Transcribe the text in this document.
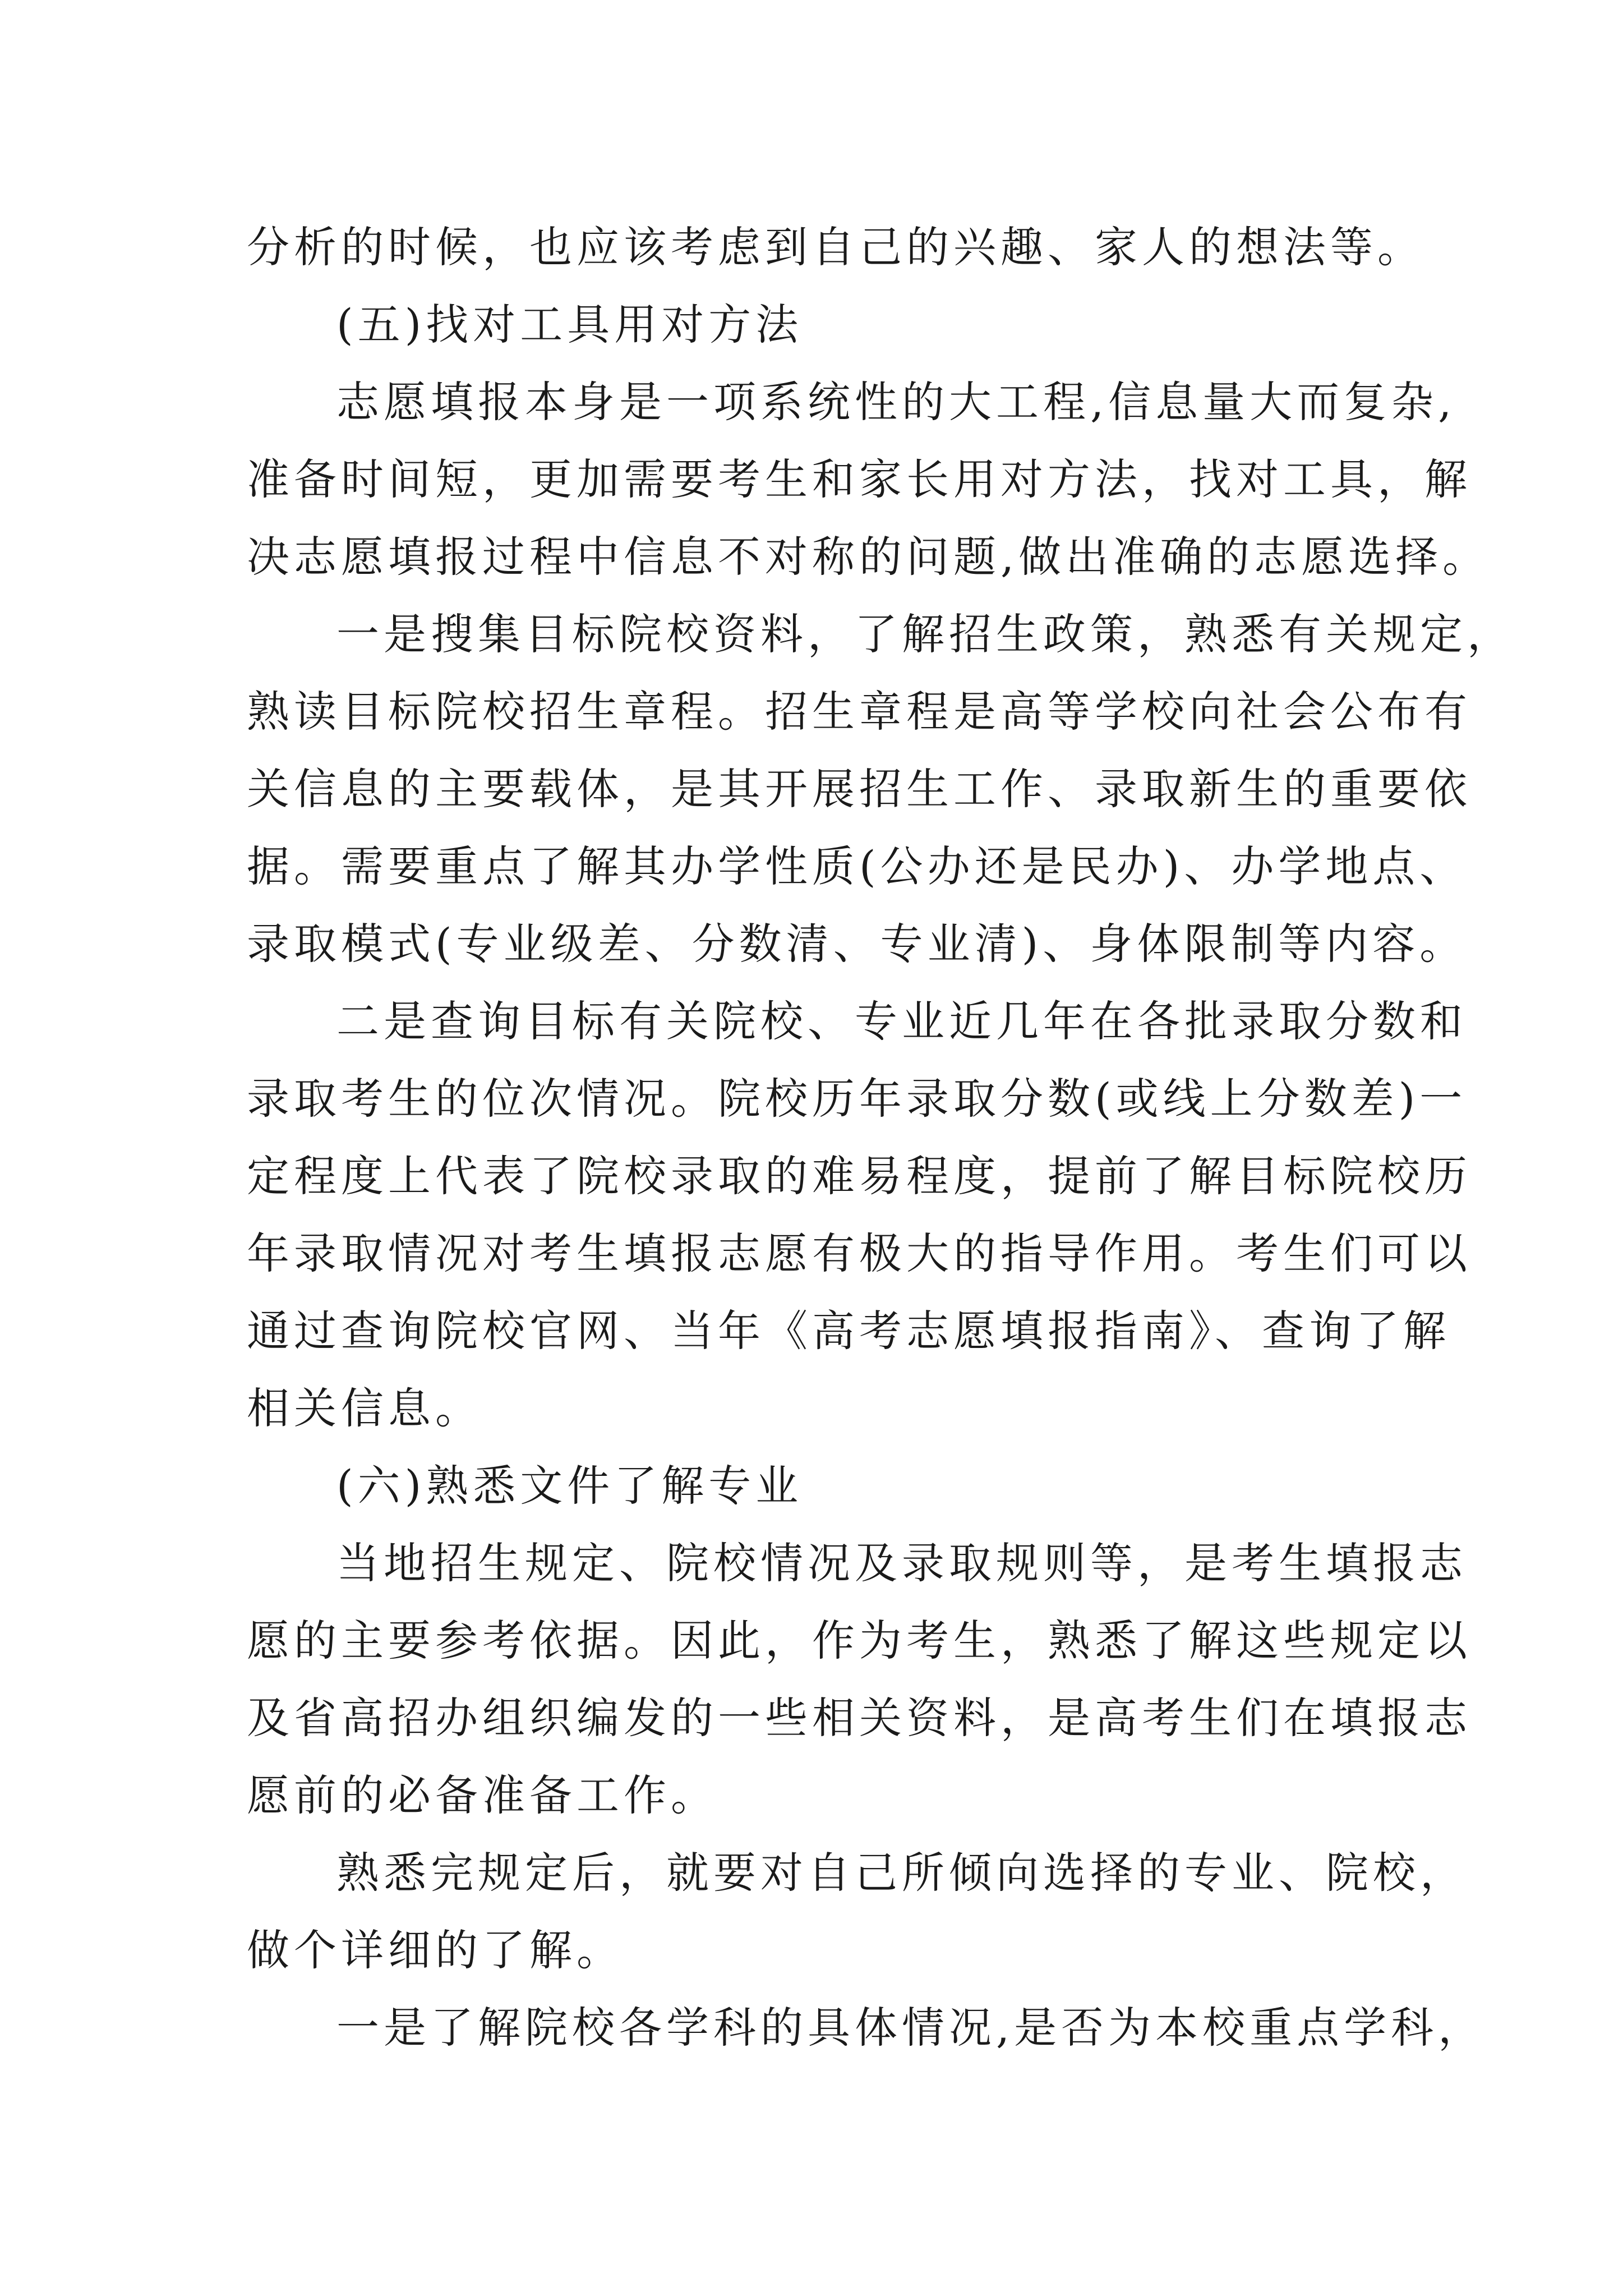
分析的时候，也应该考虑到自己的兴趣、家人的想法等。
(五)找对工具用对方法
志愿填报本身是一项系统性的大工程,信息量大而复杂,
准备时间短，更加需要考生和家长用对方法，找对工具，解
决志愿填报过程中信息不对称的问题,做出准确的志愿选择。
一是搜集目标院校资料，了解招生政策，熟悉有关规定，
熟读目标院校招生章程。招生章程是高等学校向社会公布有
关信息的主要载体，是其开展招生工作、录取新生的重要依
据。需要重点了解其办学性质(公办还是民办)、办学地点、
录取模式(专业级差、分数清、专业清)、身体限制等内容。
二是查询目标有关院校、专业近几年在各批录取分数和
录取考生的位次情况。院校历年录取分数(或线上分数差)一
定程度上代表了院校录取的难易程度，提前了解目标院校历
年录取情况对考生填报志愿有极大的指导作用。考生们可以
通过查询院校官网、当年《高考志愿填报指南》、查询了解
相关信息。
(六)熟悉文件了解专业
当地招生规定、院校情况及录取规则等，是考生填报志
愿的主要参考依据。因此，作为考生，熟悉了解这些规定以
及省高招办组织编发的一些相关资料，是高考生们在填报志
愿前的必备准备工作。
熟悉完规定后，就要对自己所倾向选择的专业、院校，
做个详细的了解。
一是了解院校各学科的具体情况,是否为本校重点学科，
